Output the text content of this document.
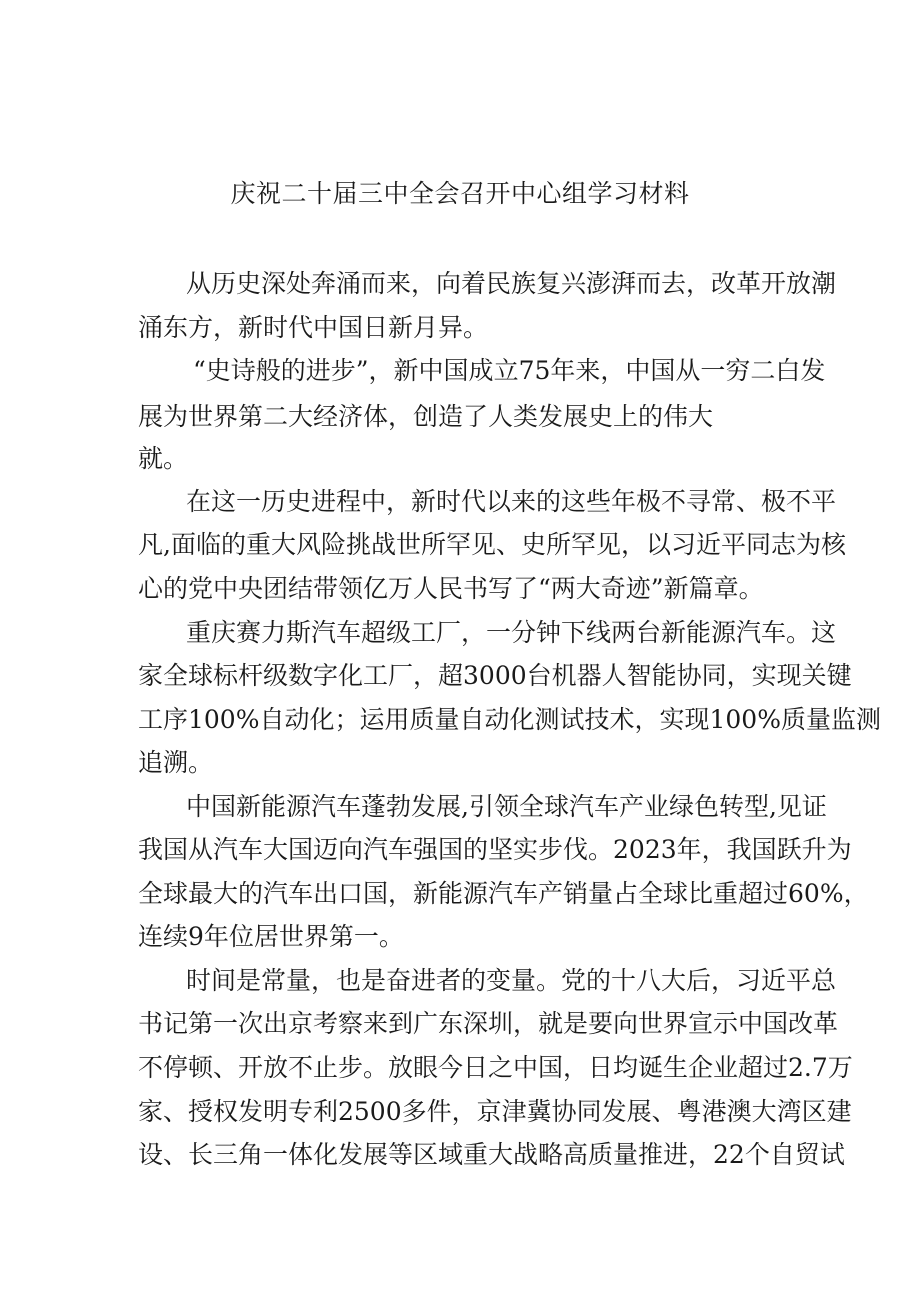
庆祝二十届三中全会召开中心组学习材料

从历史深处奔涌而来，向着民族复兴澎湃而去，改革开放潮

涌东方，新时代中国日新月异。

“史诗般的进步”，新中国成立75年来，中国从一穷二白发

展为世界第二大经济体，创造了人类发展史上的伟大

就。

在这一历史进程中，新时代以来的这些年极不寻常、极不平

凡,面临的重大风险挑战世所罕见、史所罕见，以习近平同志为核

心的党中央团结带领亿万人民书写了“两大奇迹”新篇章。

重庆赛力斯汽车超级工厂，一分钟下线两台新能源汽车。这

家全球标杆级数字化工厂，超3000台机器人智能协同，实现关键

工序100%自动化；运用质量自动化测试技术，实现100%质量监测

追溯。

中国新能源汽车蓬勃发展,引领全球汽车产业绿色转型,见证

我国从汽车大国迈向汽车强国的坚实步伐。2023年，我国跃升为

全球最大的汽车出口国，新能源汽车产销量占全球比重超过60%，

连续9年位居世界第一。

时间是常量，也是奋进者的变量。党的十八大后，习近平总

书记第一次出京考察来到广东深圳，就是要向世界宣示中国改革

不停顿、开放不止步。放眼今日之中国，日均诞生企业超过2.7万

家、授权发明专利2500多件，京津冀协同发展、粤港澳大湾区建

设、长三角一体化发展等区域重大战略高质量推进，22个自贸试
